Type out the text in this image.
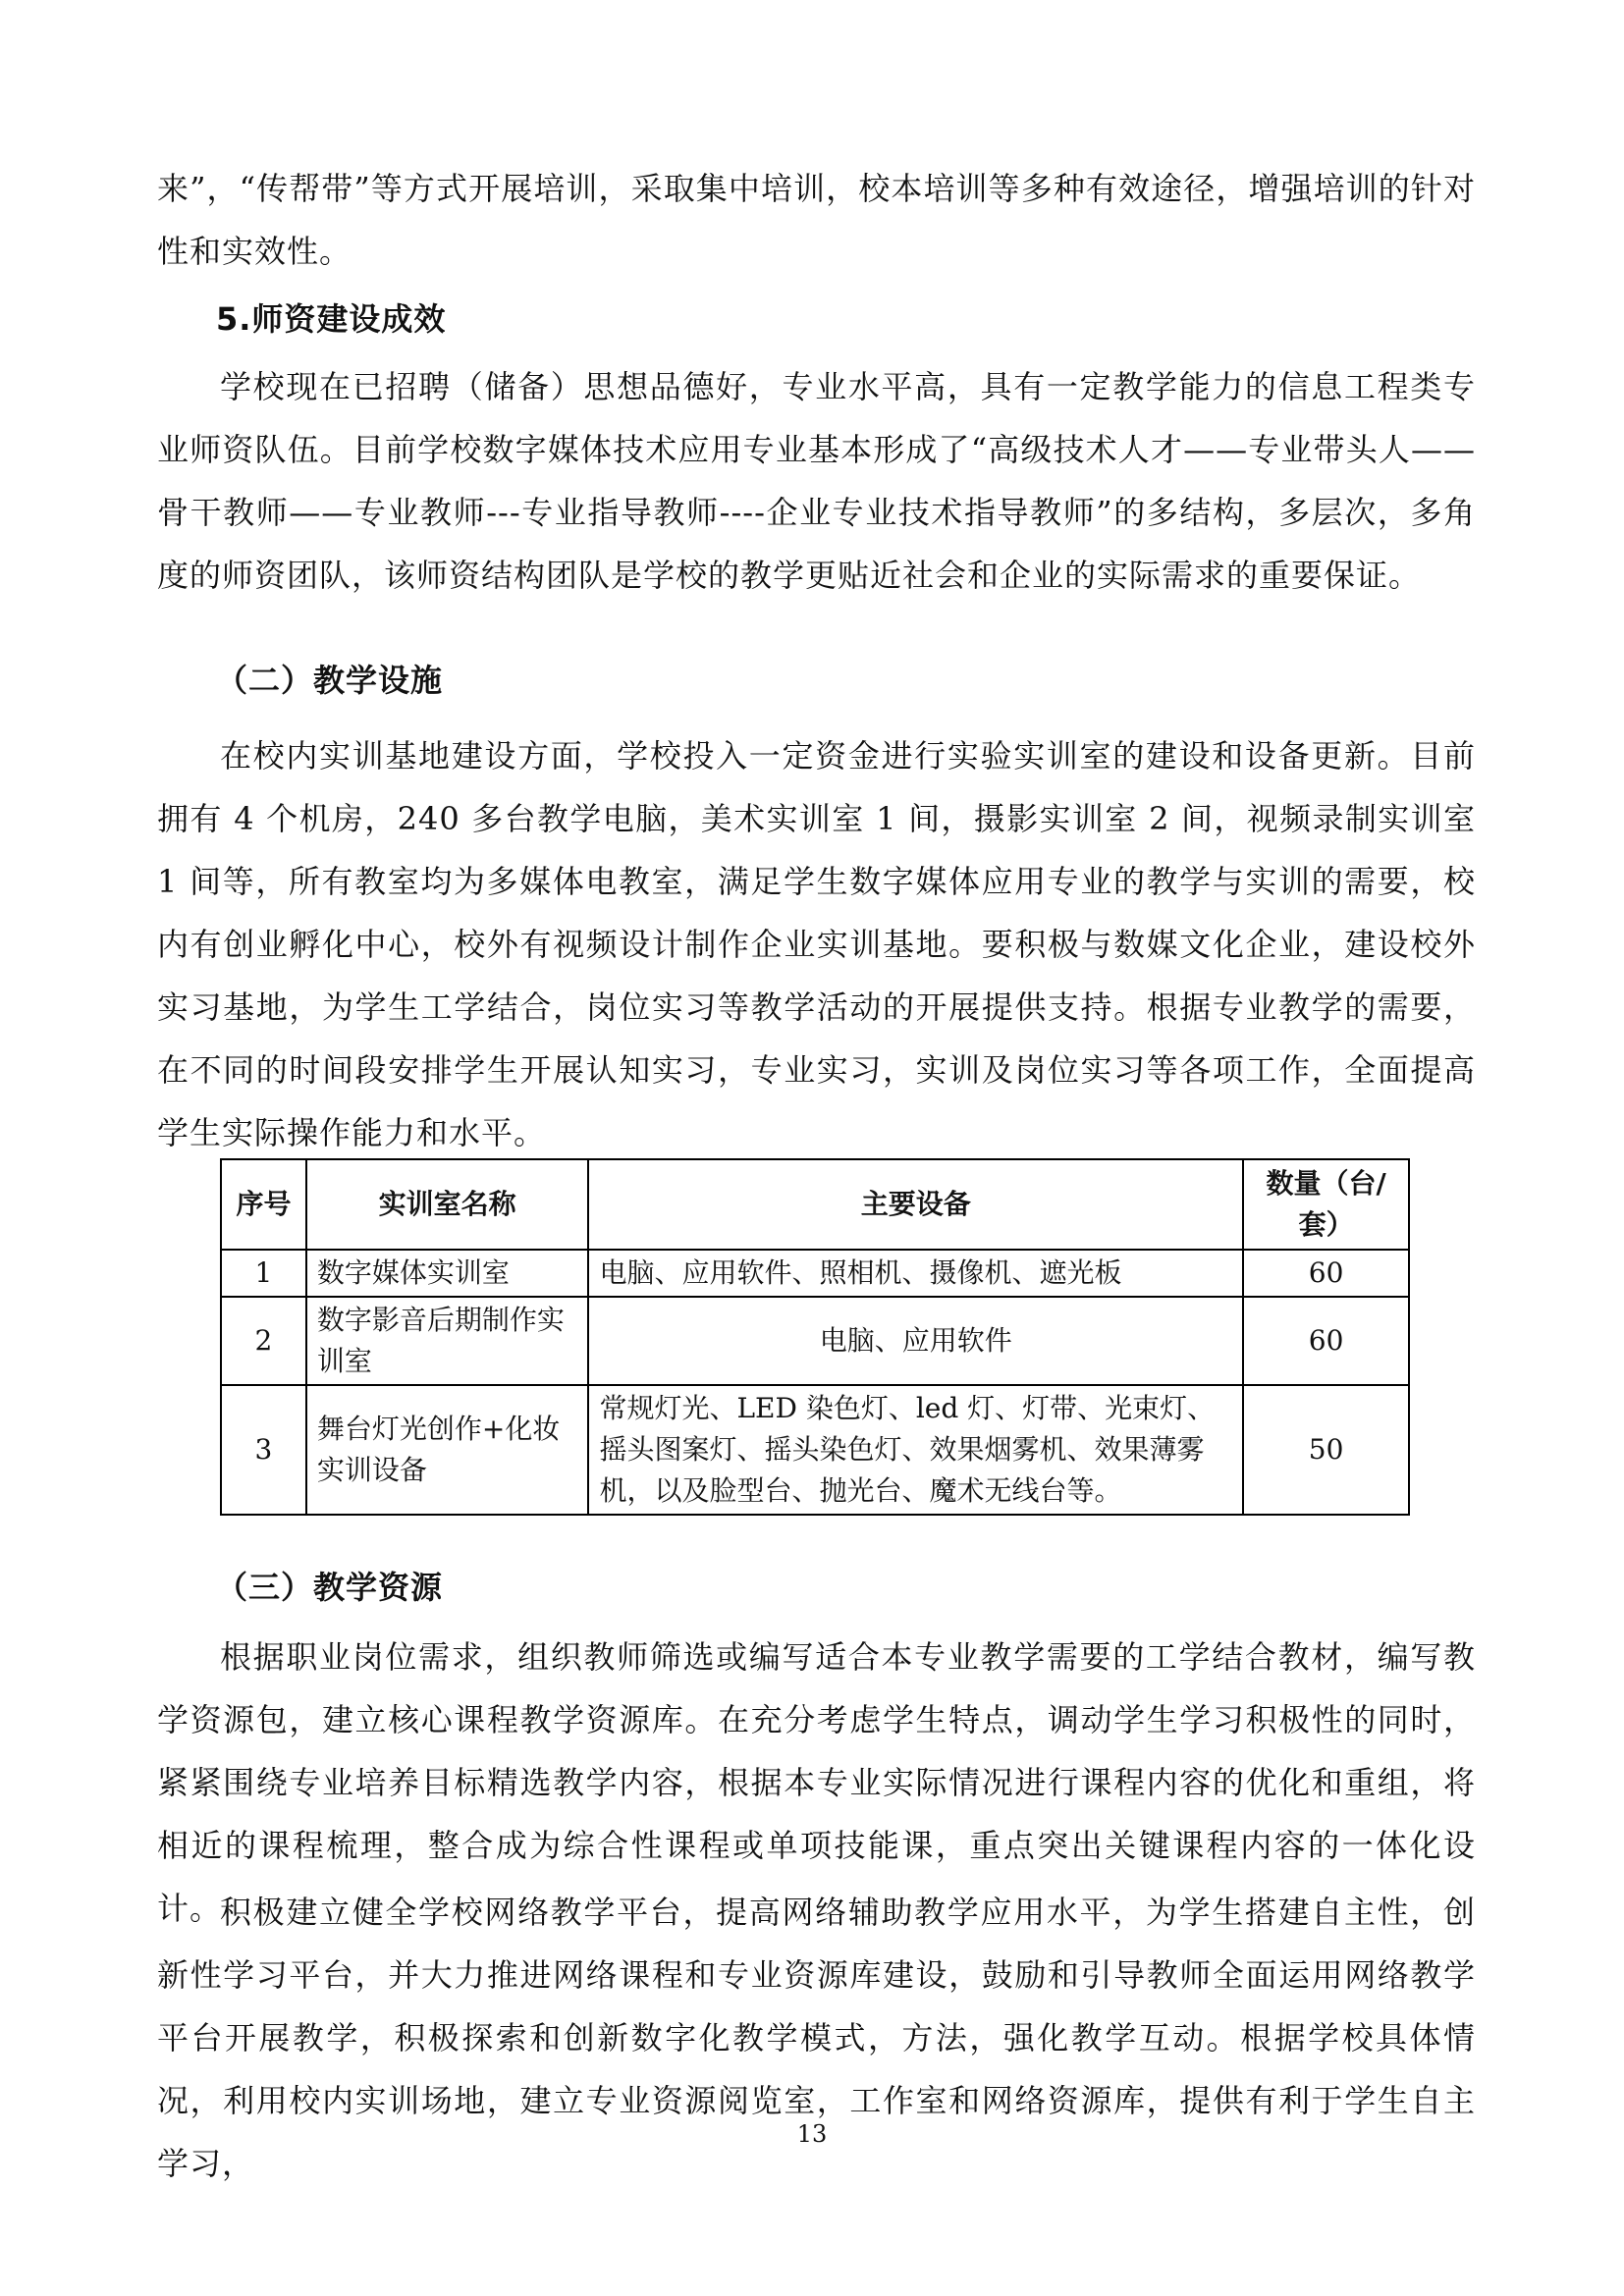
来”，“传帮带”等方式开展培训，采取集中培训，校本培训等多种有效途径，增强培训的针对性和实效性。

5.师资建设成效

学校现在已招聘（储备）思想品德好，专业水平高，具有一定教学能力的信息工程类专业师资队伍。目前学校数字媒体技术应用专业基本形成了“高级技术人才——专业带头人——骨干教师——专业教师---专业指导教师----企业专业技术指导教师”的多结构，多层次，多角度的师资团队，该师资结构团队是学校的教学更贴近社会和企业的实际需求的重要保证。

（二）教学设施

在校内实训基地建设方面，学校投入一定资金进行实验实训室的建设和设备更新。目前拥有 4 个机房，240 多台教学电脑，美术实训室 1 间，摄影实训室 2 间，视频录制实训室 1 间等，所有教室均为多媒体电教室，满足学生数字媒体应用专业的教学与实训的需要，校内有创业孵化中心，校外有视频设计制作企业实训基地。要积极与数媒文化企业，建设校外实习基地，为学生工学结合，岗位实习等教学活动的开展提供支持。根据专业教学的需要，在不同的时间段安排学生开展认知实习，专业实习，实训及岗位实习等各项工作，全面提高学生实际操作能力和水平。

序号	实训室名称	主要设备	数量（台/套）
1	数字媒体实训室	电脑、应用软件、照相机、摄像机、遮光板	60
2	数字影音后期制作实训室	电脑、应用软件	60
3	舞台灯光创作+化妆实训设备	常规灯光、LED 染色灯、led 灯、灯带、光束灯、摇头图案灯、摇头染色灯、效果烟雾机、效果薄雾机，以及脸型台、抛光台、魔术无线台等。	50
（三）教学资源

根据职业岗位需求，组织教师筛选或编写适合本专业教学需要的工学结合教材，编写教学资源包，建立核心课程教学资源库。在充分考虑学生特点，调动学生学习积极性的同时，紧紧围绕专业培养目标精选教学内容，根据本专业实际情况进行课程内容的优化和重组，将相近的课程梳理，整合成为综合性课程或单项技能课，重点突出关键课程内容的一体化设计。

积极建立健全学校网络教学平台，提高网络辅助教学应用水平，为学生搭建自主性，创新性学习平台，并大力推进网络课程和专业资源库建设，鼓励和引导教师全面运用网络教学平台开展教学，积极探索和创新数字化教学模式，方法，强化教学互动。根据学校具体情况，利用校内实训场地，建立专业资源阅览室，工作室和网络资源库，提供有利于学生自主学习，

13
